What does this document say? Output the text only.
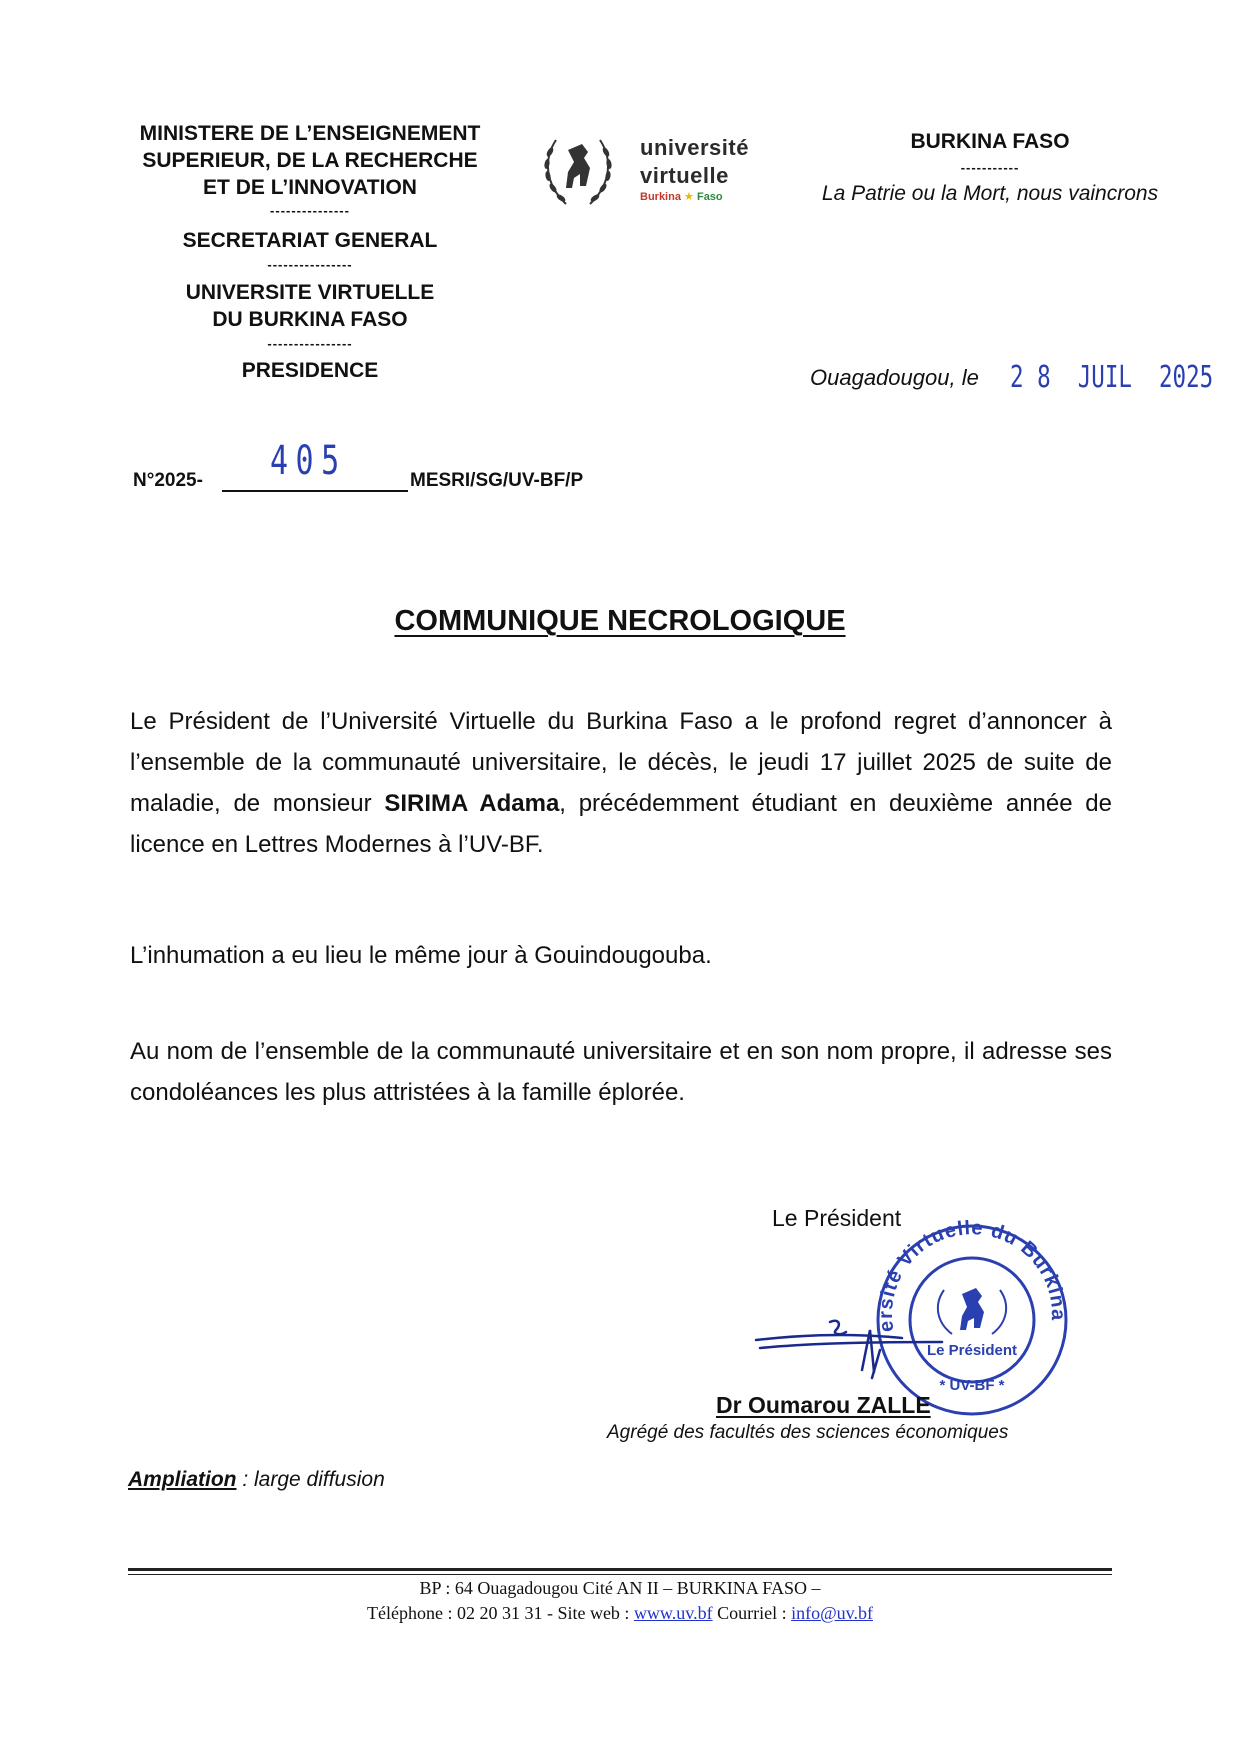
MINISTERE DE L’ENSEIGNEMENT
SUPERIEUR, DE LA RECHERCHE
ET DE L’INNOVATION
---------------
SECRETARIAT GENERAL
----------------
UNIVERSITE VIRTUELLE
DU BURKINA FASO
----------------
PRESIDENCE
université
virtuelle
Burkina ★ Faso
BURKINA FASO
-----------
La Patrie ou la Mort, nous vaincrons
Ouagadougou, le 2 8  JUIL  2025
N°2025- 405	MESRI/SG/UV-BF/P
COMMUNIQUE NECROLOGIQUE
Le Président de l’Université Virtuelle du Burkina Faso a le profond regret d’annoncer à l’ensemble de la communauté universitaire, le décès, le jeudi 17 juillet 2025 de suite de maladie, de monsieur SIRIMA Adama, précédemment étudiant en deuxième année de licence en Lettres Modernes à l’UV-BF.
L’inhumation a eu lieu le même jour à Gouindougouba.
Au nom de l’ensemble de la communauté universitaire et en son nom propre, il adresse ses condoléances les plus attristées à la famille éplorée.
Le Président
ersité Virtuelle du Burkina
Le Président
* UV-BF *
Dr Oumarou ZALLE
Agrégé des facultés des sciences économiques
Ampliation : large diffusion
BP : 64 Ouagadougou Cité AN II – BURKINA FASO –
Téléphone : 02 20 31 31 - Site web : www.uv.bf Courriel : info@uv.bf
